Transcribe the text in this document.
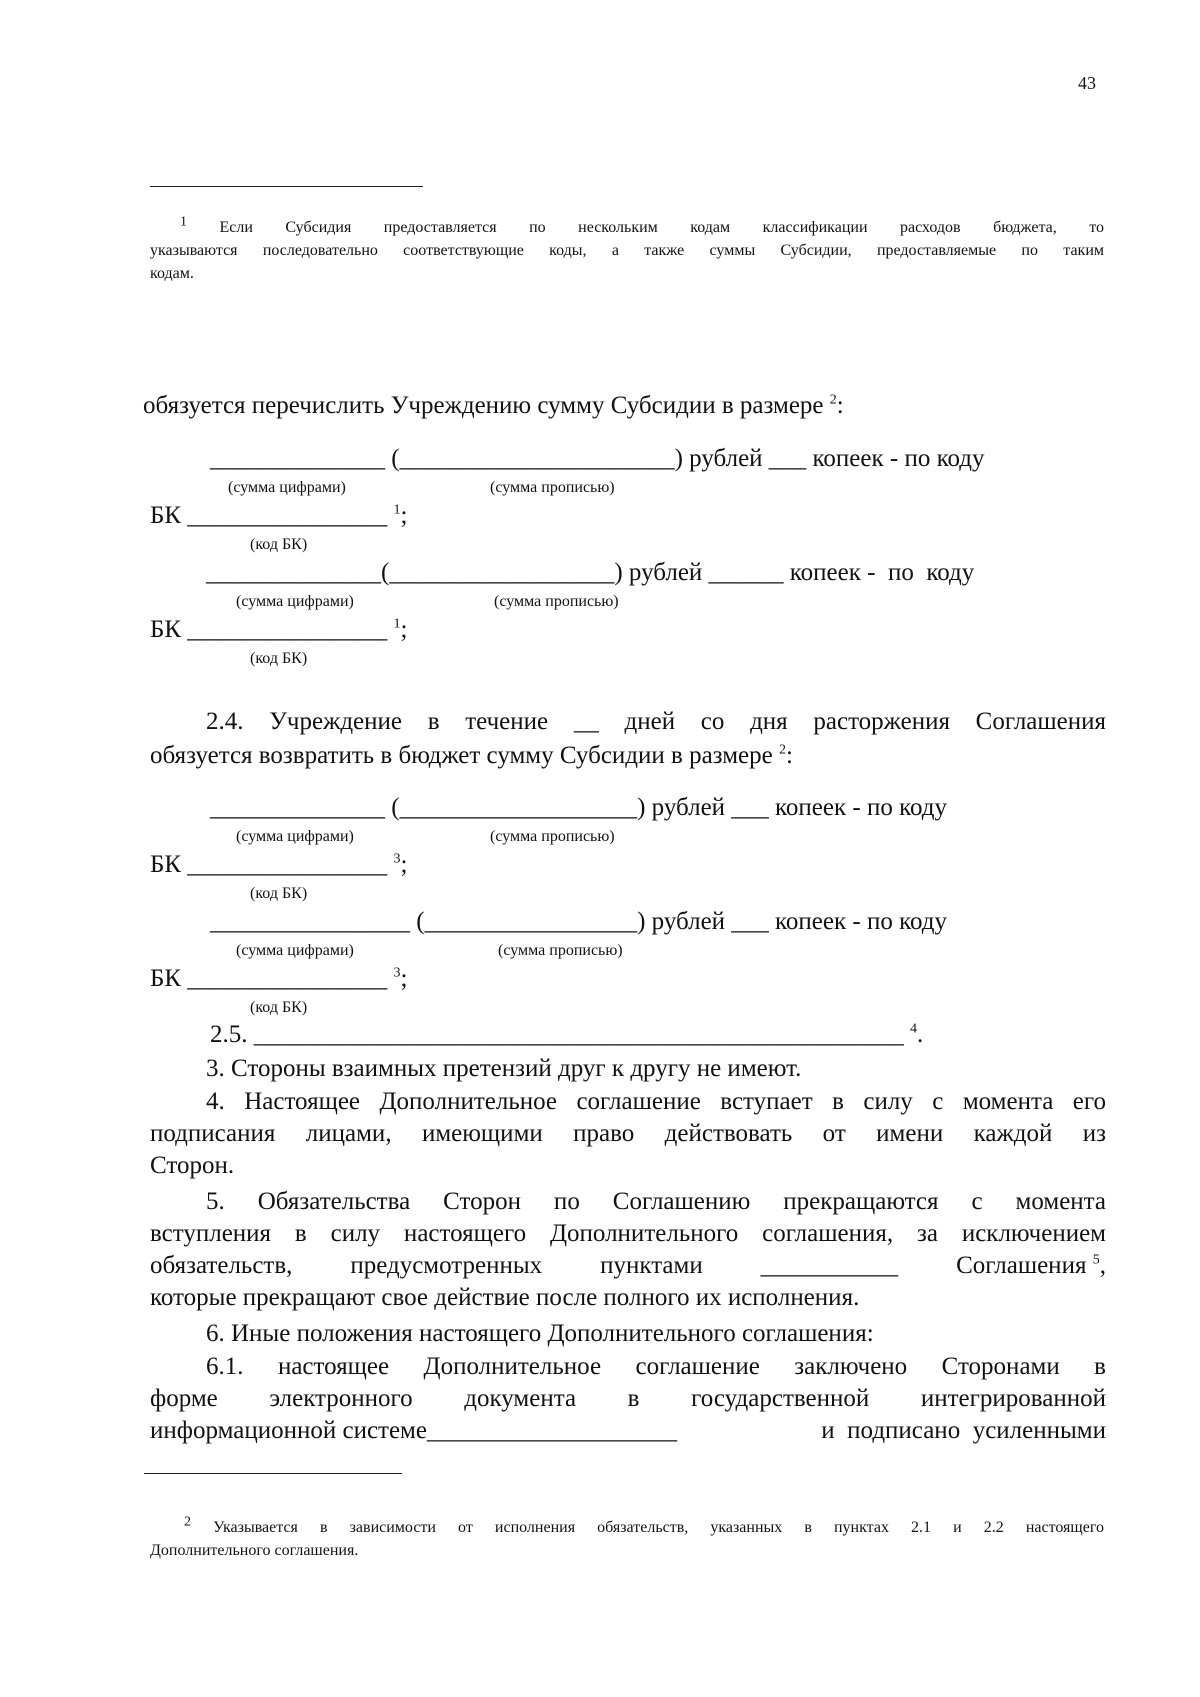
43
1 Если Субсидия предоставляется по нескольким кодам классификации расходов бюджета, то
указываются последовательно соответствующие коды, а также суммы Субсидии, предоставляемые по таким
кодам.
обязуется перечислить Учреждению сумму Субсидии в размере $^2$:
______________ (______________________) рублей ___ копеек - по коду
(сумма цифрами)	(сумма прописью)
БК ________________ $^1$;
(код БК)
______________(__________________) рублей ______ копеек -  по  коду
(сумма цифрами)	(сумма прописью)
БК ________________ $^1$;
(код БК)
2.4.  Учреждение  в  течение  __  дней  со  дня  расторжения  Соглашения
обязуется возвратить в бюджет сумму Субсидии в размере $^2$:
______________ (___________________) рублей ___ копеек - по коду
(сумма цифрами)	(сумма прописью)
БК ________________ $^3$;
(код БК)
________________ (_________________) рублей ___ копеек - по коду
(сумма цифрами)	(сумма прописью)
БК ________________ $^3$;
(код БК)
2.5. ____________________________________________________ $^4$.
3. Стороны взаимных претензий друг к другу не имеют.
4. Настоящее Дополнительное соглашение вступает в силу с момента его
подписания лицами, имеющими право действовать от имени каждой из
Сторон.
5. Обязательства Сторон по Соглашению прекращаются с момента
вступления в силу настоящего Дополнительного соглашения, за исключением
обязательств, предусмотренных пунктами ___________ Соглашения $^5$,
которые прекращают свое действие после полного их исполнения.
6. Иные положения настоящего Дополнительного соглашения:
6.1. настоящее Дополнительное соглашение заключено Сторонами в
форме электронного документа в государственной интегрированной
информационной системе____________________	и  подписано  усиленными
2 Указывается в зависимости от исполнения обязательств, указанных в пунктах 2.1 и 2.2 настоящего
Дополнительного соглашения.
